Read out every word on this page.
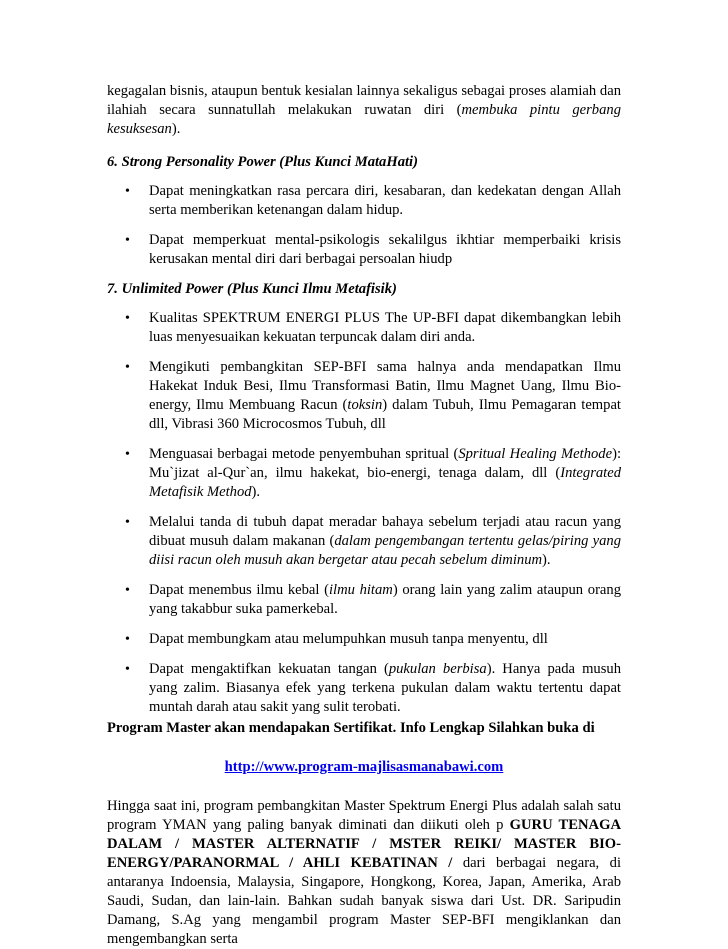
kegagalan bisnis, ataupun bentuk kesialan lainnya sekaligus sebagai proses alamiah dan ilahiah secara sunnatullah melakukan ruwatan diri (membuka pintu gerbang kesuksesan).

6. Strong Personality Power (Plus Kunci MataHati)
• Dapat meningkatkan rasa percara diri, kesabaran, dan kedekatan dengan Allah serta memberikan ketenangan dalam hidup.
• Dapat memperkuat mental-psikologis sekalilgus ikhtiar memperbaiki krisis kerusakan mental diri dari berbagai persoalan hiudp
7. Unlimited Power (Plus Kunci Ilmu Metafisik)
• Kualitas SPEKTRUM ENERGI PLUS The UP-BFI dapat dikembangkan lebih luas menyesuaikan kekuatan terpuncak dalam diri anda.
• Mengikuti pembangkitan SEP-BFI sama halnya anda mendapatkan Ilmu Hakekat Induk Besi, Ilmu Transformasi Batin, Ilmu Magnet Uang, Ilmu Bio-energy, Ilmu Membuang Racun (toksin) dalam Tubuh, Ilmu Pemagaran tempat dll, Vibrasi 360 Microcosmos Tubuh, dll
• Menguasai berbagai metode penyembuhan spritual (Spritual Healing Methode): Mu`jizat al-Qur`an, ilmu hakekat, bio-energi, tenaga dalam, dll (Integrated Metafisik Method).
• Melalui tanda di tubuh dapat meradar bahaya sebelum terjadi atau racun yang dibuat musuh dalam makanan (dalam pengembangan tertentu gelas/piring yang diisi racun oleh musuh akan bergetar atau pecah sebelum diminum).
• Dapat menembus ilmu kebal (ilmu hitam) orang lain yang zalim ataupun orang yang takabbur suka pamerkebal.
• Dapat membungkam atau melumpuhkan musuh tanpa menyentu, dll
• Dapat mengaktifkan kekuatan tangan (pukulan berbisa). Hanya pada musuh yang zalim. Biasanya efek yang terkena pukulan dalam waktu tertentu dapat muntah darah atau sakit yang sulit terobati.
Program Master akan mendapakan Sertifikat. Info Lengkap Silahkan buka di
http://www.program-majlisasmanabawi.com

Hingga saat ini, program pembangkitan Master Spektrum Energi Plus adalah salah satu program YMAN yang paling banyak diminati dan diikuti oleh p GURU TENAGA DALAM / MASTER ALTERNATIF / MSTER REIKI/ MASTER BIO-ENERGY/PARANORMAL / AHLI KEBATINAN / dari berbagai negara, di antaranya Indoensia, Malaysia, Singapore, Hongkong, Korea, Japan, Amerika, Arab Saudi, Sudan, dan lain-lain. Bahkan sudah banyak siswa dari Ust. DR. Saripudin Damang, S.Ag yang mengambil program Master SEP-BFI mengiklankan dan mengembangkan serta
